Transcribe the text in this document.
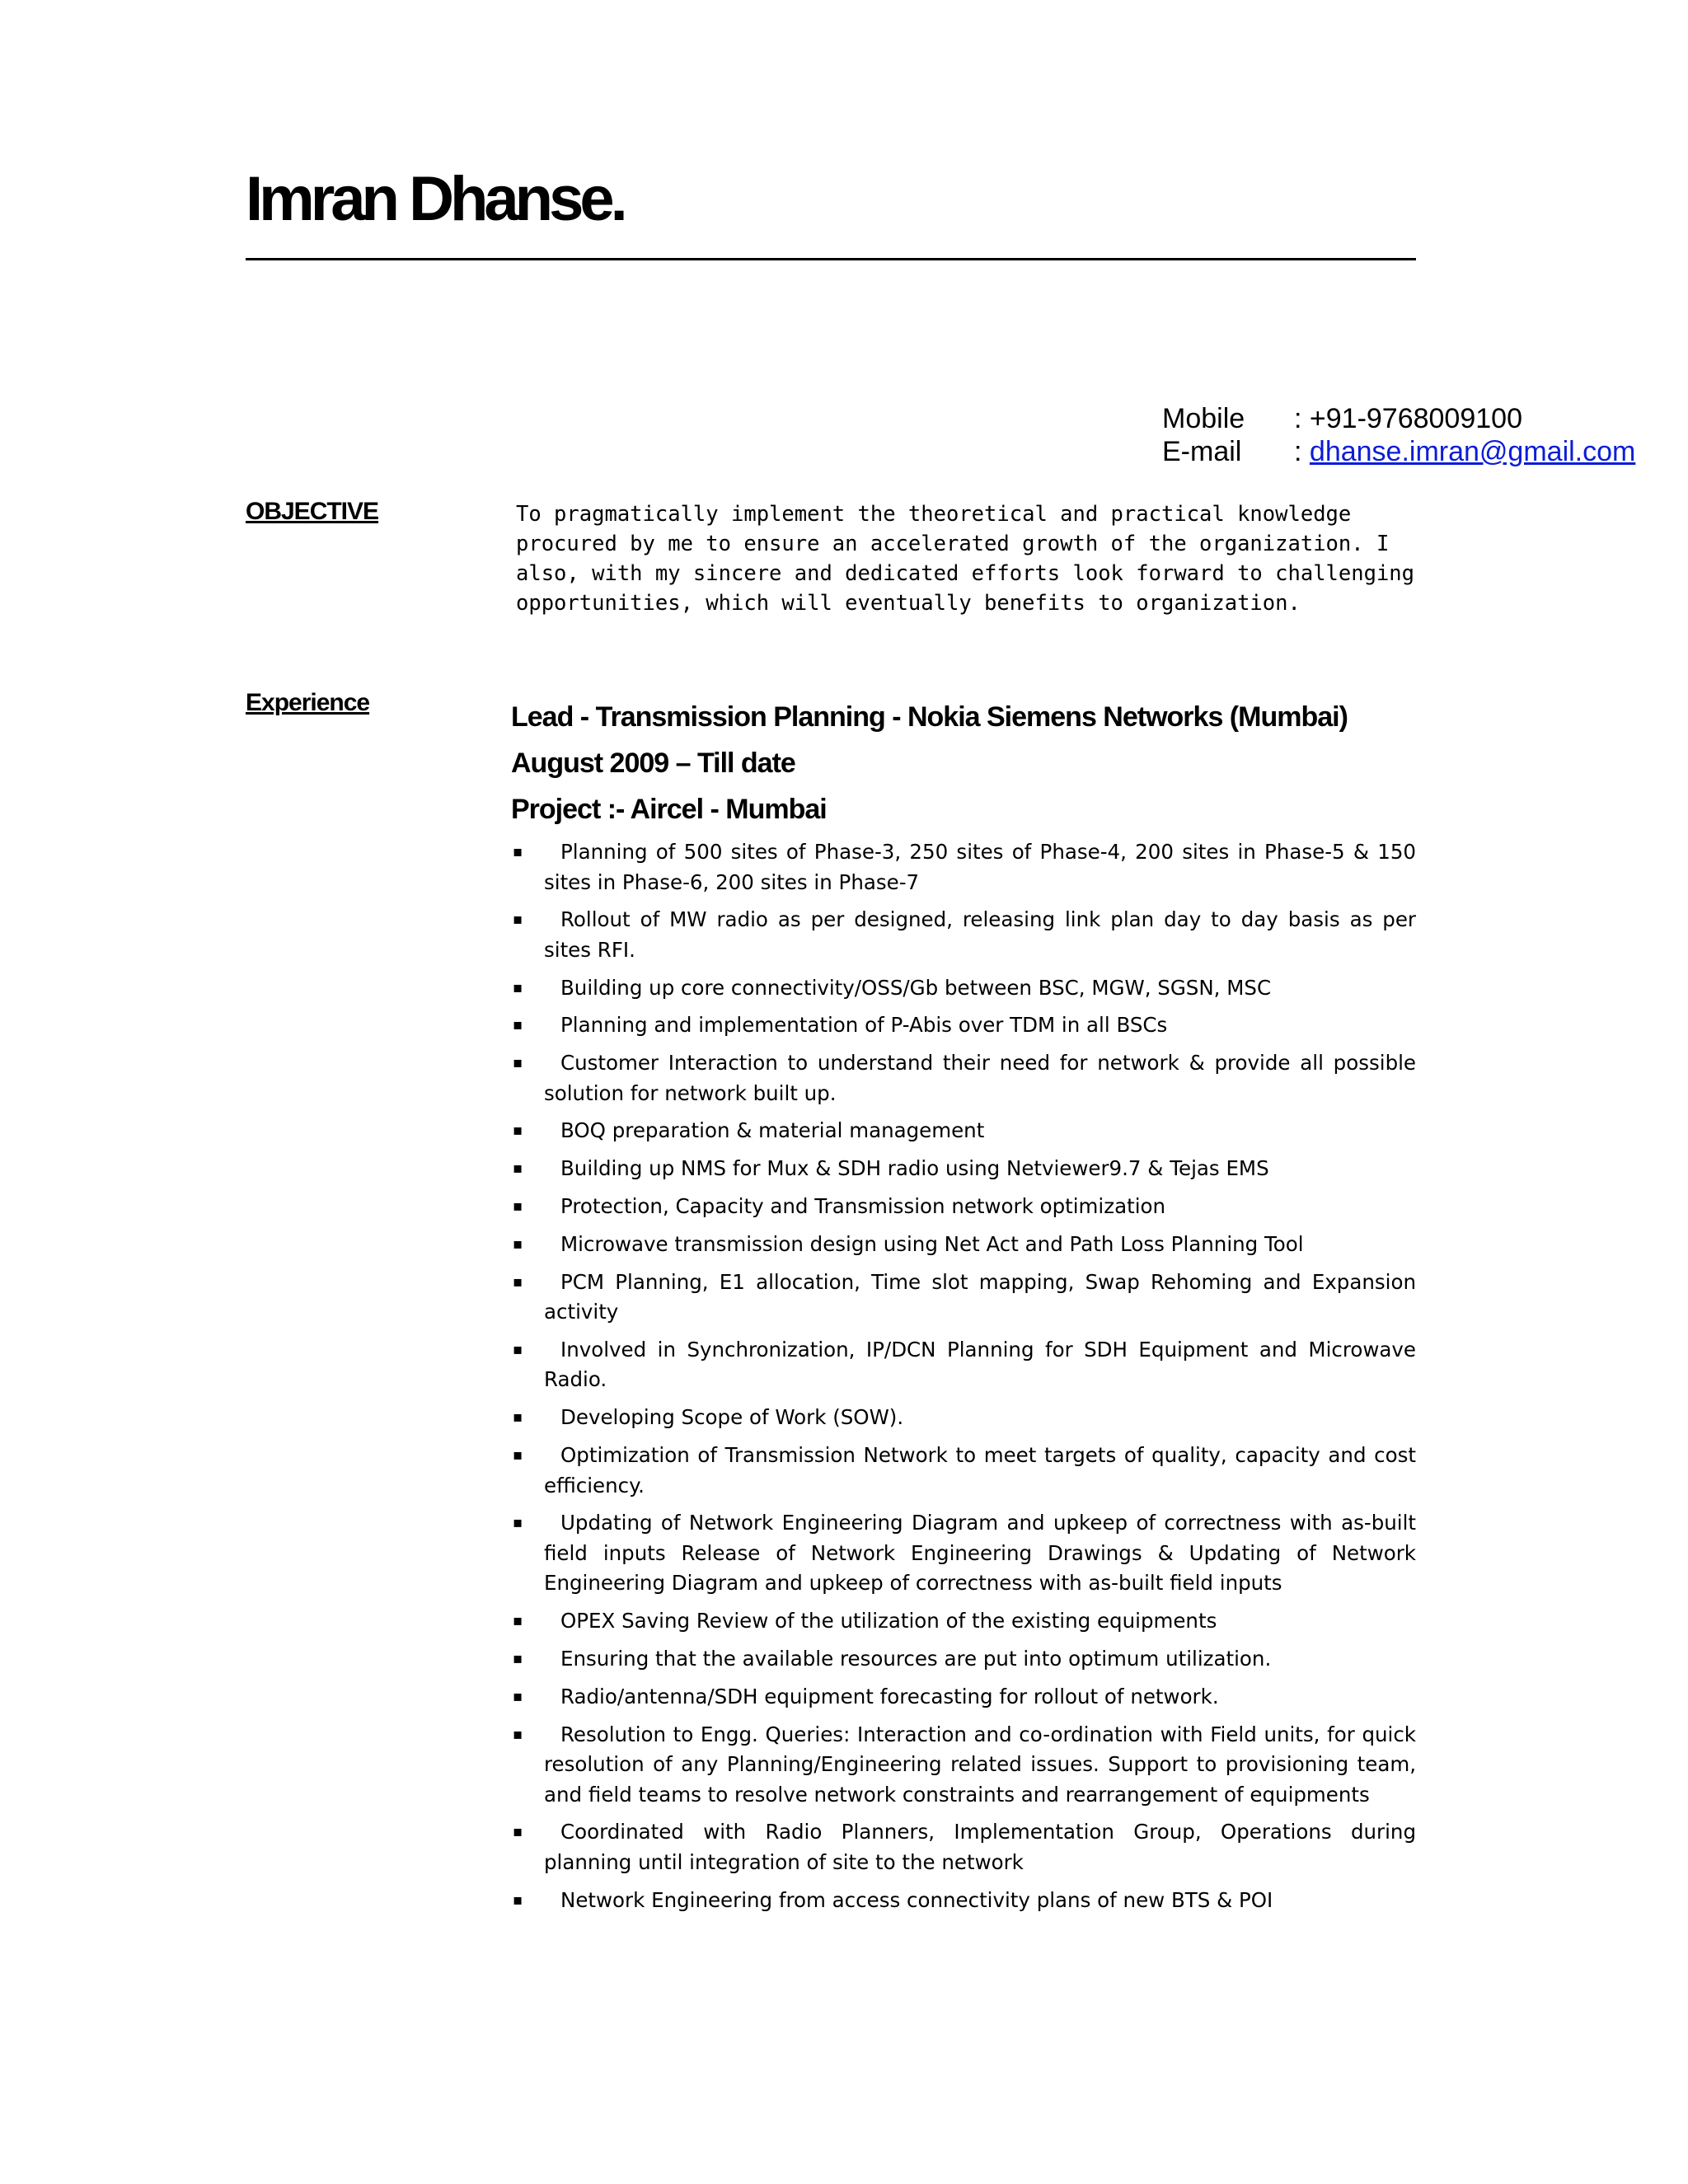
Imran Dhanse.
Mobile	: +91-9768009100
E-mail	:
dhanse.imran@gmail.com
OBJECTIVE	To pragmatically implement the theoretical and practical knowledge procured by me to ensure an accelerated growth of the organization. I also, with my sincere and dedicated efforts look forward to challenging opportunities, which will eventually benefits to organization.
Experience	Lead - Transmission Planning - Nokia Siemens Networks (Mumbai)
August 2009 – Till date
Project :- Aircel - Mumbai
▪ Planning of 500 sites of Phase-3, 250 sites of Phase-4, 200 sites in Phase-5 & 150 sites in Phase-6, 200 sites in Phase-7
▪ Rollout of MW radio as per designed, releasing link plan day to day basis as per sites RFI.
▪ Building up core connectivity/OSS/Gb between BSC, MGW, SGSN, MSC
▪ Planning and implementation of P-Abis over TDM in all BSCs
▪ Customer Interaction to understand their need for network & provide all possible solution for network built up.
▪ BOQ preparation & material management
▪ Building up NMS for Mux & SDH radio using Netviewer9.7 & Tejas EMS
▪ Protection, Capacity and Transmission network optimization
▪ Microwave transmission design using Net Act and Path Loss Planning Tool
▪ PCM Planning, E1 allocation, Time slot mapping, Swap Rehoming and Expansion activity
▪ Involved in Synchronization, IP/DCN Planning for SDH Equipment and Microwave Radio.
▪ Developing Scope of Work (SOW).
▪ Optimization of Transmission Network to meet targets of quality, capacity and cost efficiency.
▪ Updating of Network Engineering Diagram and upkeep of correctness with as-built field inputs Release of Network Engineering Drawings & Updating of Network Engineering Diagram and upkeep of correctness with as-built field inputs
▪ OPEX Saving Review of the utilization of the existing equipments
▪ Ensuring that the available resources are put into optimum utilization.
▪ Radio/antenna/SDH equipment forecasting for rollout of network.
▪ Resolution to Engg. Queries: Interaction and co-ordination with Field units, for quick resolution of any Planning/Engineering related issues. Support to provisioning team, and field teams to resolve network constraints and rearrangement of equipments
▪ Coordinated with Radio Planners, Implementation Group, Operations during planning until integration of site to the network
▪ Network Engineering from access connectivity plans of new BTS & POI
